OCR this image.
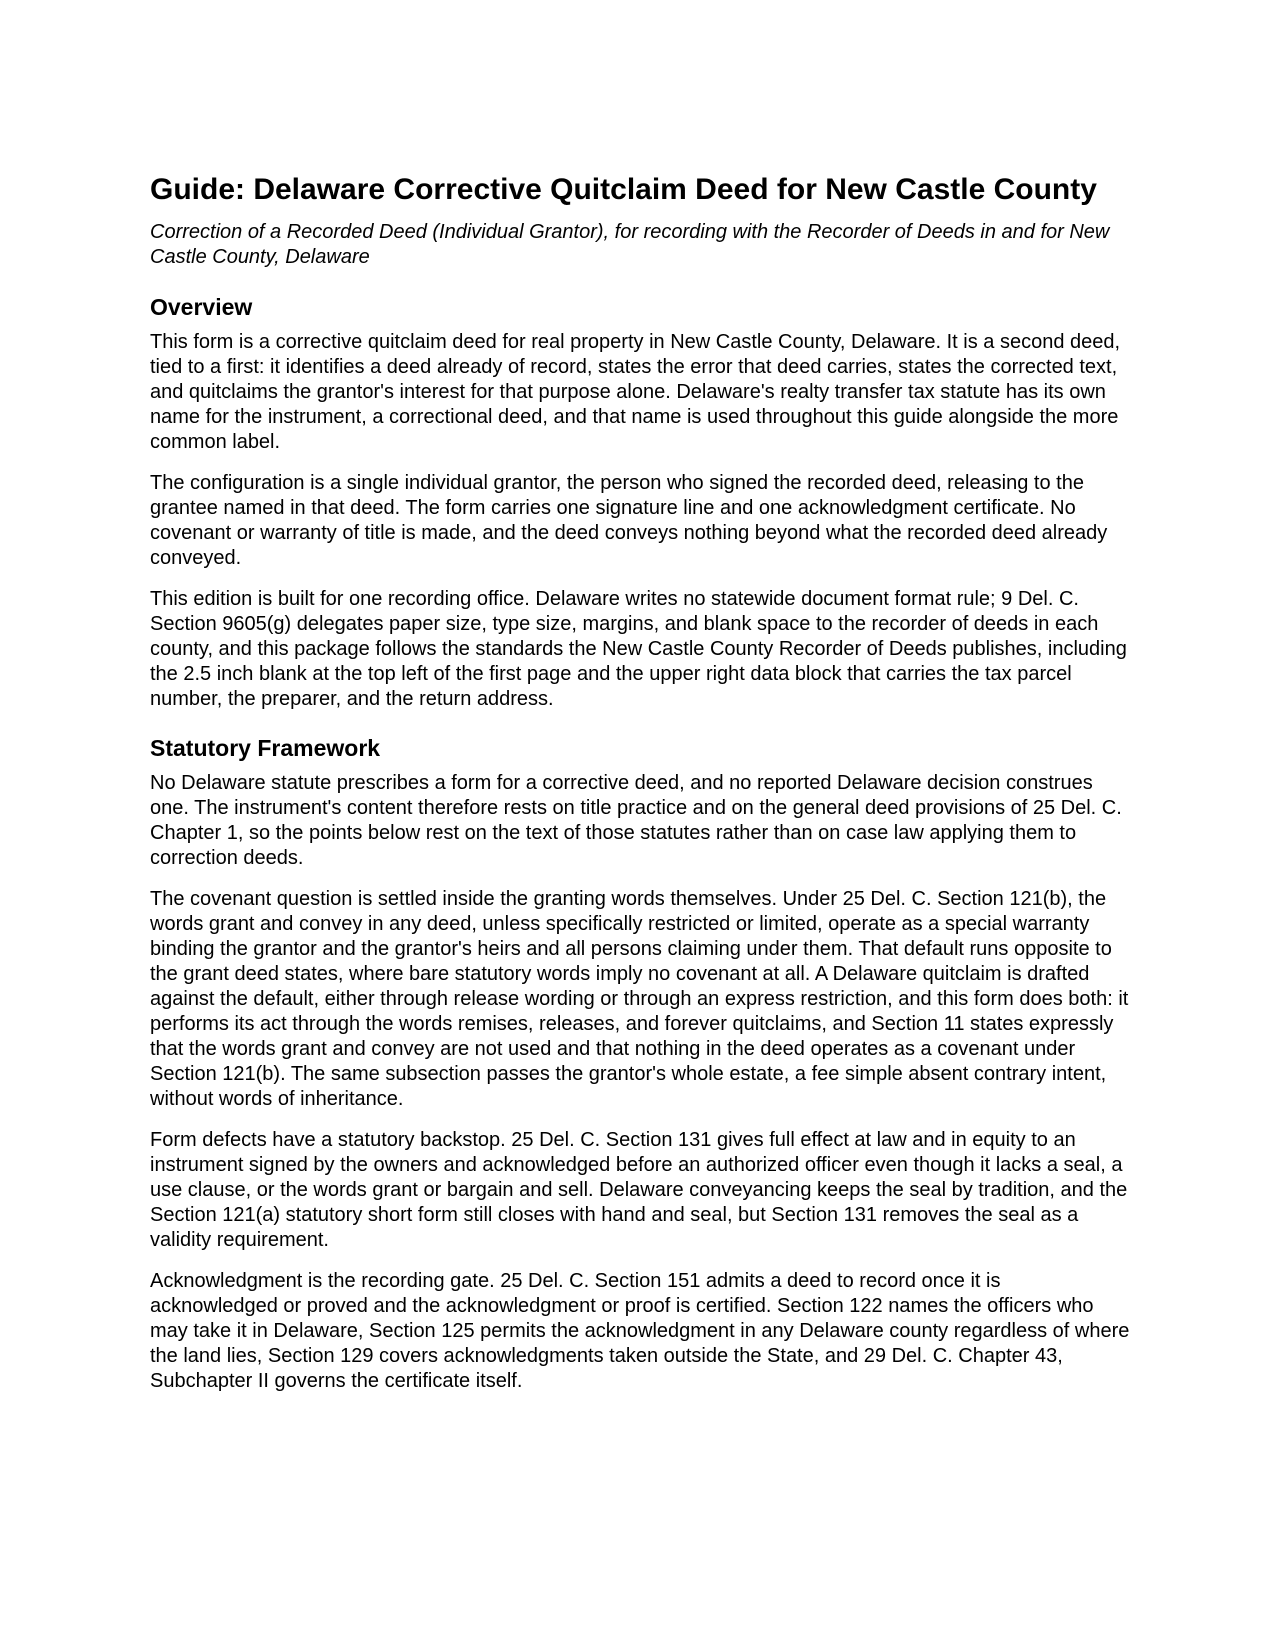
Guide: Delaware Corrective Quitclaim Deed for New Castle County

Correction of a Recorded Deed (Individual Grantor), for recording with the Recorder of Deeds in and for New Castle County, Delaware

Overview

This form is a corrective quitclaim deed for real property in New Castle County, Delaware. It is a second deed, tied to a first: it identifies a deed already of record, states the error that deed carries, states the corrected text, and quitclaims the grantor's interest for that purpose alone. Delaware's realty transfer tax statute has its own name for the instrument, a correctional deed, and that name is used throughout this guide alongside the more common label.

The configuration is a single individual grantor, the person who signed the recorded deed, releasing to the grantee named in that deed. The form carries one signature line and one acknowledgment certificate. No covenant or warranty of title is made, and the deed conveys nothing beyond what the recorded deed already conveyed.

This edition is built for one recording office. Delaware writes no statewide document format rule; 9 Del. C. Section 9605(g) delegates paper size, type size, margins, and blank space to the recorder of deeds in each county, and this package follows the standards the New Castle County Recorder of Deeds publishes, including the 2.5 inch blank at the top left of the first page and the upper right data block that carries the tax parcel number, the preparer, and the return address.

Statutory Framework

No Delaware statute prescribes a form for a corrective deed, and no reported Delaware decision construes one. The instrument's content therefore rests on title practice and on the general deed provisions of 25 Del. C. Chapter 1, so the points below rest on the text of those statutes rather than on case law applying them to correction deeds.

The covenant question is settled inside the granting words themselves. Under 25 Del. C. Section 121(b), the words grant and convey in any deed, unless specifically restricted or limited, operate as a special warranty binding the grantor and the grantor's heirs and all persons claiming under them. That default runs opposite to the grant deed states, where bare statutory words imply no covenant at all. A Delaware quitclaim is drafted against the default, either through release wording or through an express restriction, and this form does both: it performs its act through the words remises, releases, and forever quitclaims, and Section 11 states expressly that the words grant and convey are not used and that nothing in the deed operates as a covenant under Section 121(b). The same subsection passes the grantor's whole estate, a fee simple absent contrary intent, without words of inheritance.

Form defects have a statutory backstop. 25 Del. C. Section 131 gives full effect at law and in equity to an instrument signed by the owners and acknowledged before an authorized officer even though it lacks a seal, a use clause, or the words grant or bargain and sell. Delaware conveyancing keeps the seal by tradition, and the Section 121(a) statutory short form still closes with hand and seal, but Section 131 removes the seal as a validity requirement.

Acknowledgment is the recording gate. 25 Del. C. Section 151 admits a deed to record once it is acknowledged or proved and the acknowledgment or proof is certified. Section 122 names the officers who may take it in Delaware, Section 125 permits the acknowledgment in any Delaware county regardless of where the land lies, Section 129 covers acknowledgments taken outside the State, and 29 Del. C. Chapter 43, Subchapter II governs the certificate itself.
